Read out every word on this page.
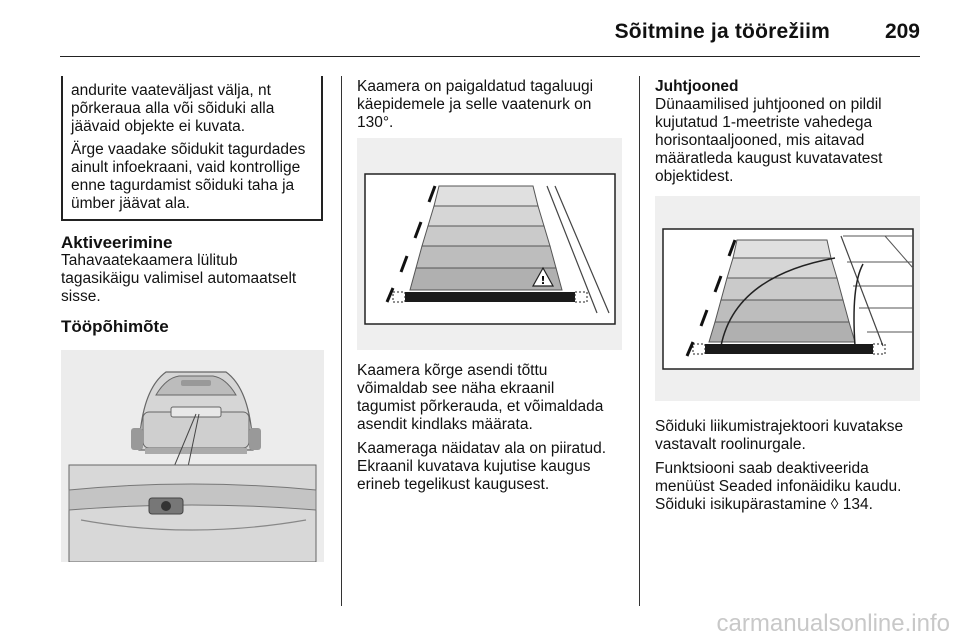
Sõitmine ja töörežiim	209

andurite vaateväljast välja, nt
põrkeraua alla või sõiduki alla
jäävaid objekte ei kuvata.

Ärge vaadake sõidukit tagurdades
ainult infoekraani, vaid kontrollige
enne tagurdamist sõiduki taha ja
ümber jäävat ala.

Aktiveerimine

Tahavaatekaamera lülitub
tagasikäigu valimisel automaatselt
sisse.

Tööpõhimõte

Kaamera on paigaldatud tagaluugi
käepidemele ja selle vaatenurk on
130°.

!

Kaamera kõrge asendi tõttu
võimaldab see näha ekraanil
tagumist põrkerauda, et võimaldada
asendit kindlaks määrata.

Kaameraga näidatav ala on piiratud.
Ekraanil kuvatava kujutise kaugus
erineb tegelikust kaugusest.

Juhtjooned

Dünaamilised juhtjooned on pildil
kujutatud 1-meetriste vahedega
horisontaaljooned, mis aitavad
määratleda kaugust kuvatavatest
objektidest.

Sõiduki liikumistrajektoori kuvatakse
vastavalt roolinurgale.

Funktsiooni saab deaktiveerida
menüüst Seaded infonäidiku kaudu.
Sõiduki isikupärastamine ◊ 134.

carmanualsonline.info
